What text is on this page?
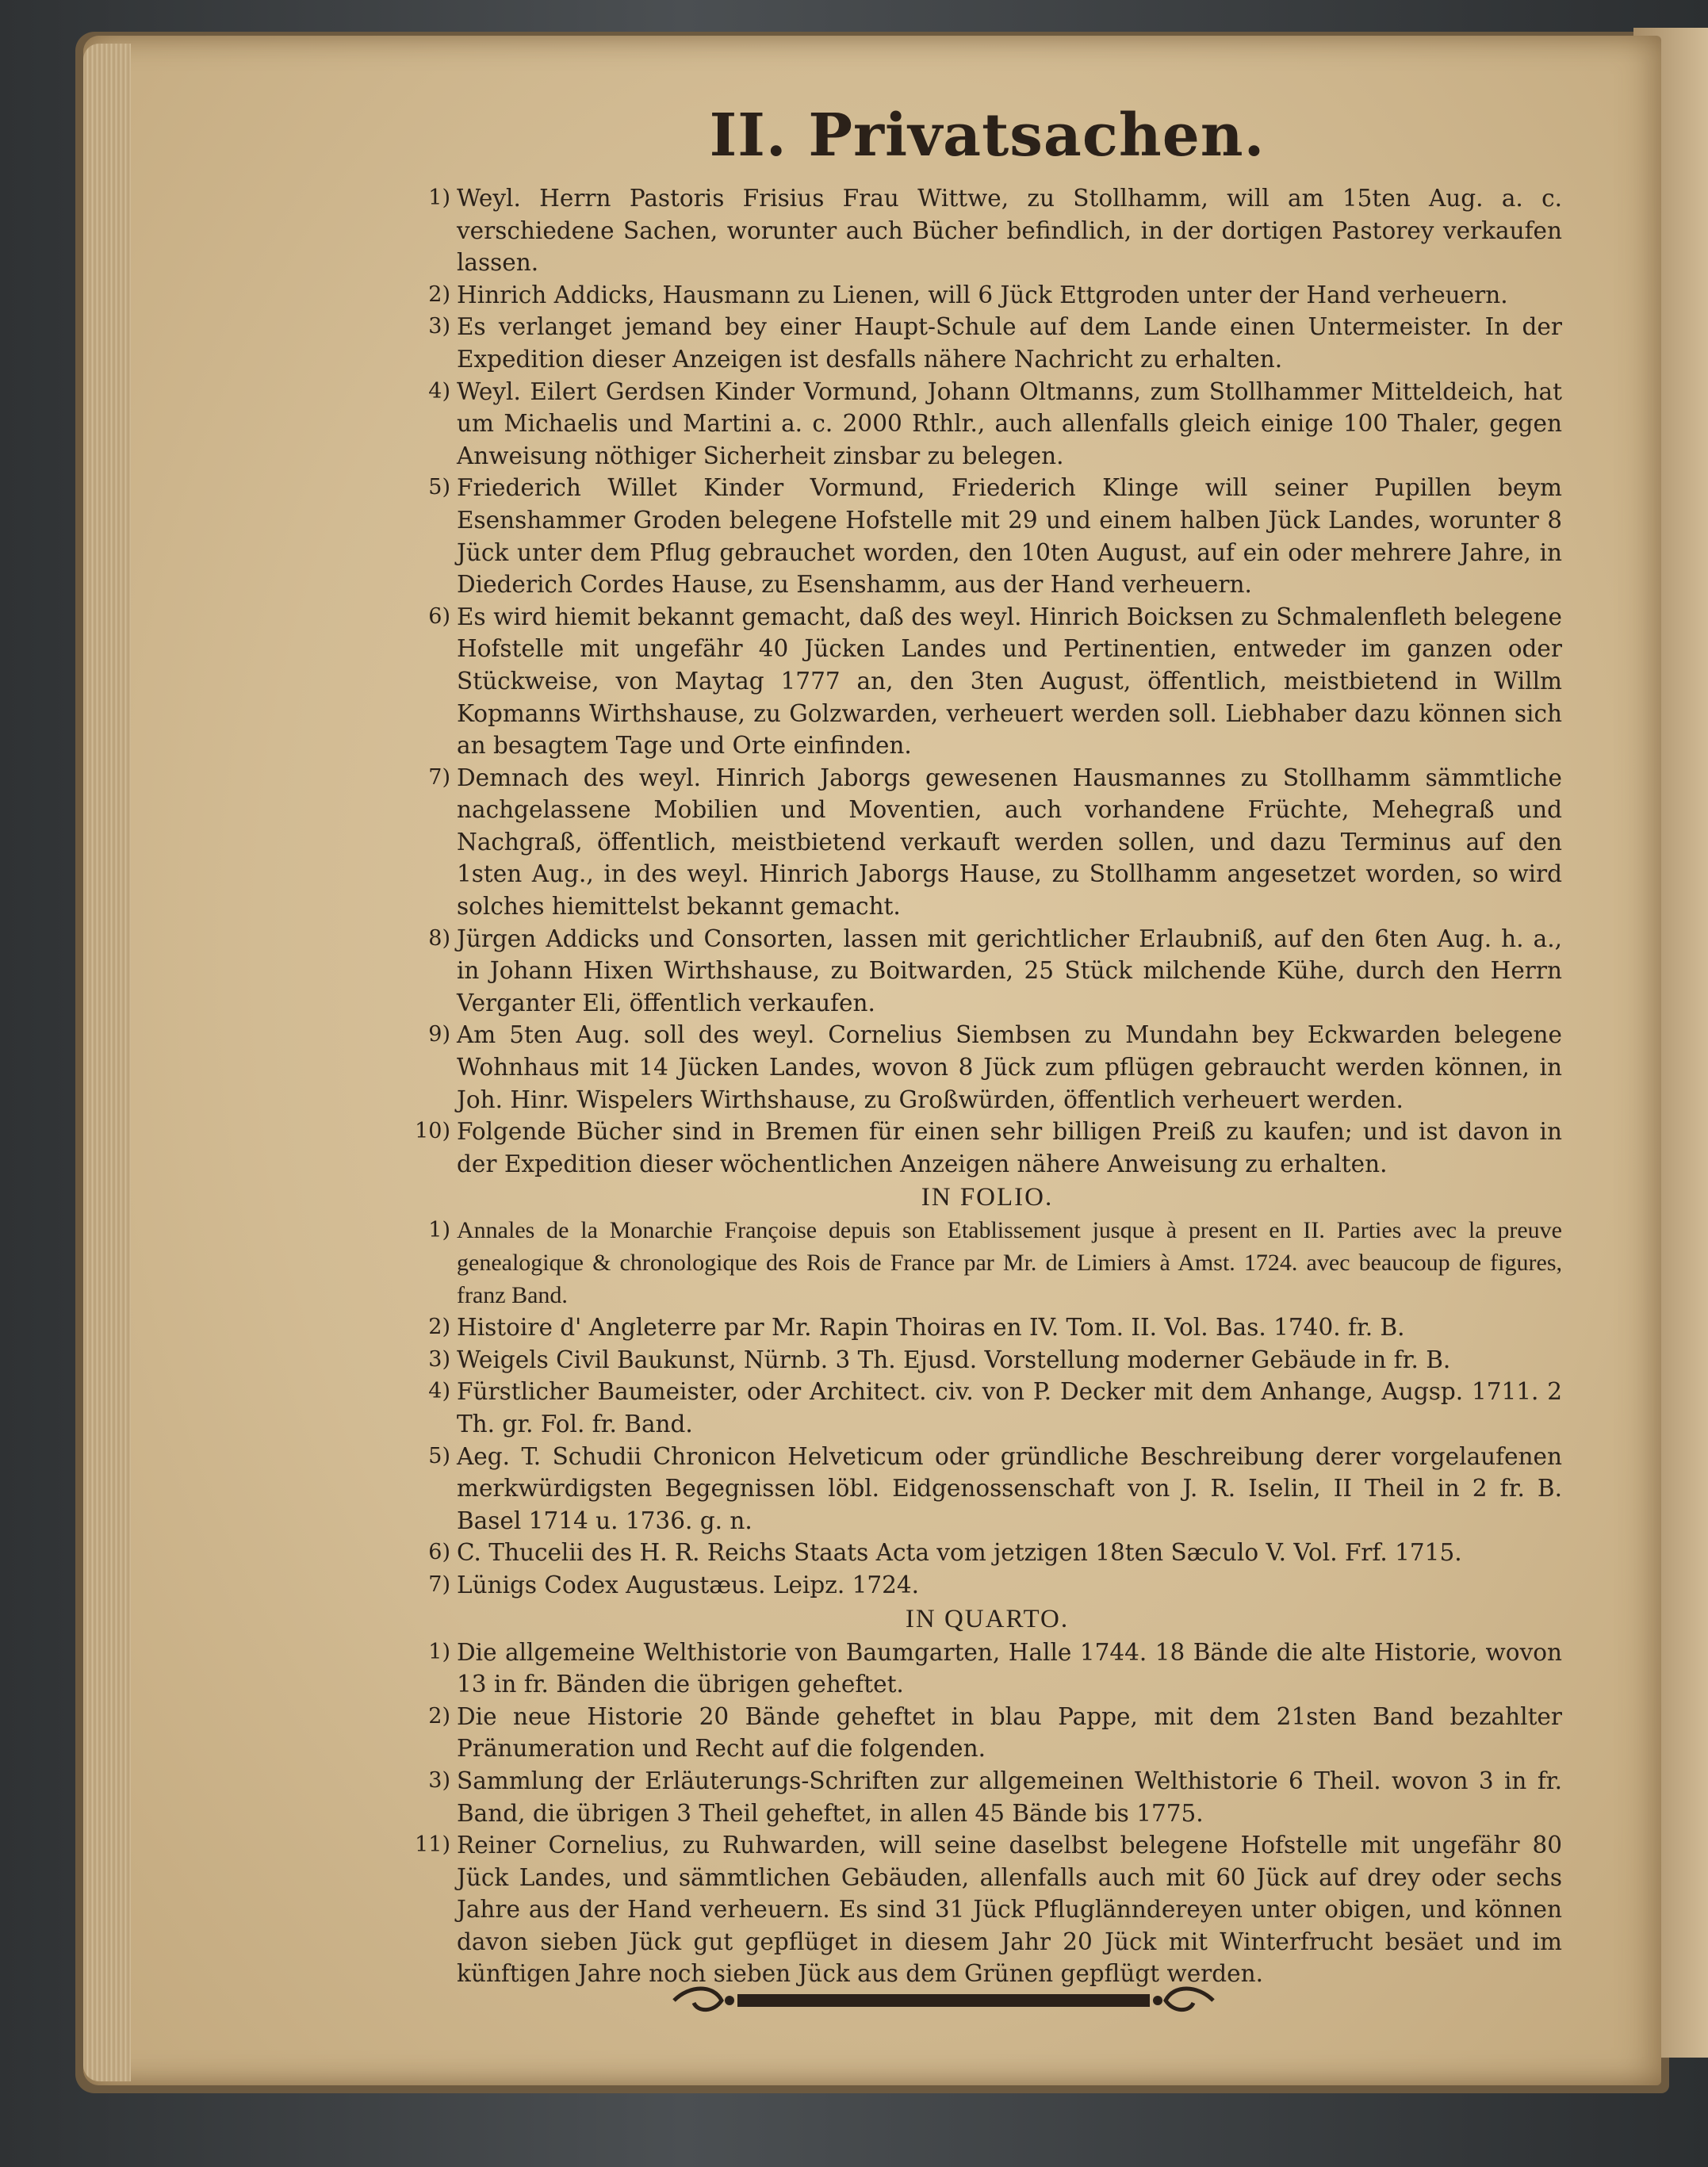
II. Privatsachen.
1) Weyl. Herrn Pastoris Frisius Frau Wittwe, zu Stollhamm, will am 15ten Aug. a. c. verschiedene Sachen, worunter auch Bücher befindlich, in der dortigen Pastorey verkaufen lassen.
2) Hinrich Addicks, Hausmann zu Lienen, will 6 Jück Ettgroden unter der Hand verheuern.
3) Es verlanget jemand bey einer Haupt-Schule auf dem Lande einen Untermeister. In der Expedition dieser Anzeigen ist desfalls nähere Nachricht zu erhalten.
4) Weyl. Eilert Gerdsen Kinder Vormund, Johann Oltmanns, zum Stollhammer Mitteldeich, hat um Michaelis und Martini a. c. 2000 Rthlr., auch allenfalls gleich einige 100 Thaler, gegen Anweisung nöthiger Sicherheit zinsbar zu belegen.
5) Friederich Willet Kinder Vormund, Friederich Klinge will seiner Pupillen beym Esenshammer Groden belegene Hofstelle mit 29 und einem halben Jück Landes, worunter 8 Jück unter dem Pflug gebrauchet worden, den 10ten August, auf ein oder mehrere Jahre, in Diederich Cordes Hause, zu Esenshamm, aus der Hand verheuern.
6) Es wird hiemit bekannt gemacht, daß des weyl. Hinrich Boicksen zu Schmalenfleth belegene Hofstelle mit ungefähr 40 Jücken Landes und Pertinentien, entweder im ganzen oder Stückweise, von Maytag 1777 an, den 3ten August, öffentlich, meistbietend in Willm Kopmanns Wirthshause, zu Golzwarden, verheuert werden soll. Liebhaber dazu können sich an besagtem Tage und Orte einfinden.
7) Demnach des weyl. Hinrich Jaborgs gewesenen Hausmannes zu Stollhamm sämmtliche nachgelassene Mobilien und Moventien, auch vorhandene Früchte, Mehegraß und Nachgraß, öffentlich, meistbietend verkauft werden sollen, und dazu Terminus auf den 1sten Aug., in des weyl. Hinrich Jaborgs Hause, zu Stollhamm angesetzet worden, so wird solches hiemittelst bekannt gemacht.
8) Jürgen Addicks und Consorten, lassen mit gerichtlicher Erlaubniß, auf den 6ten Aug. h. a., in Johann Hixen Wirthshause, zu Boitwarden, 25 Stück milchende Kühe, durch den Herrn Verganter Eli, öffentlich verkaufen.
9) Am 5ten Aug. soll des weyl. Cornelius Siembsen zu Mundahn bey Eckwarden belegene Wohnhaus mit 14 Jücken Landes, wovon 8 Jück zum pflügen gebraucht werden können, in Joh. Hinr. Wispelers Wirthshause, zu Großwürden, öffentlich verheuert werden.
10) Folgende Bücher sind in Bremen für einen sehr billigen Preiß zu kaufen; und ist davon in der Expedition dieser wöchentlichen Anzeigen nähere Anweisung zu erhalten.
IN FOLIO.
1) Annales de la Monarchie Françoise depuis son Etablissement jusque à present en II. Parties avec la preuve genealogique & chronologique des Rois de France par Mr. de Limiers à Amst. 1724. avec beaucoup de figures, franz Band.
2) Histoire d' Angleterre par Mr. Rapin Thoiras en IV. Tom. II. Vol. Bas. 1740. fr. B.
3) Weigels Civil Baukunst, Nürnb. 3 Th. Ejusd. Vorstellung moderner Gebäude in fr. B.
4) Fürstlicher Baumeister, oder Architect. civ. von P. Decker mit dem Anhange, Augsp. 1711. 2 Th. gr. Fol. fr. Band.
5) Aeg. T. Schudii Chronicon Helveticum oder gründliche Beschreibung derer vorgelaufenen merkwürdigsten Begegnissen löbl. Eidgenossenschaft von J. R. Iselin, II Theil in 2 fr. B. Basel 1714 u. 1736. g. n.
6) C. Thucelii des H. R. Reichs Staats Acta vom jetzigen 18ten Sæculo V. Vol. Frf. 1715.
7) Lünigs Codex Augustæus. Leipz. 1724.
IN QUARTO.
1) Die allgemeine Welthistorie von Baumgarten, Halle 1744. 18 Bände die alte Historie, wovon 13 in fr. Bänden die übrigen geheftet.
2) Die neue Historie 20 Bände geheftet in blau Pappe, mit dem 21sten Band bezahlter Pränumeration und Recht auf die folgenden.
3) Sammlung der Erläuterungs-Schriften zur allgemeinen Welthistorie 6 Theil. wovon 3 in fr. Band, die übrigen 3 Theil geheftet, in allen 45 Bände bis 1775.
11) Reiner Cornelius, zu Ruhwarden, will seine daselbst belegene Hofstelle mit ungefähr 80 Jück Landes, und sämmtlichen Gebäuden, allenfalls auch mit 60 Jück auf drey oder sechs Jahre aus der Hand verheuern. Es sind 31 Jück Pfluglänndereyen unter obigen, und können davon sieben Jück gut gepflüget in diesem Jahr 20 Jück mit Winterfrucht besäet und im künftigen Jahre noch sieben Jück aus dem Grünen gepflügt werden.
